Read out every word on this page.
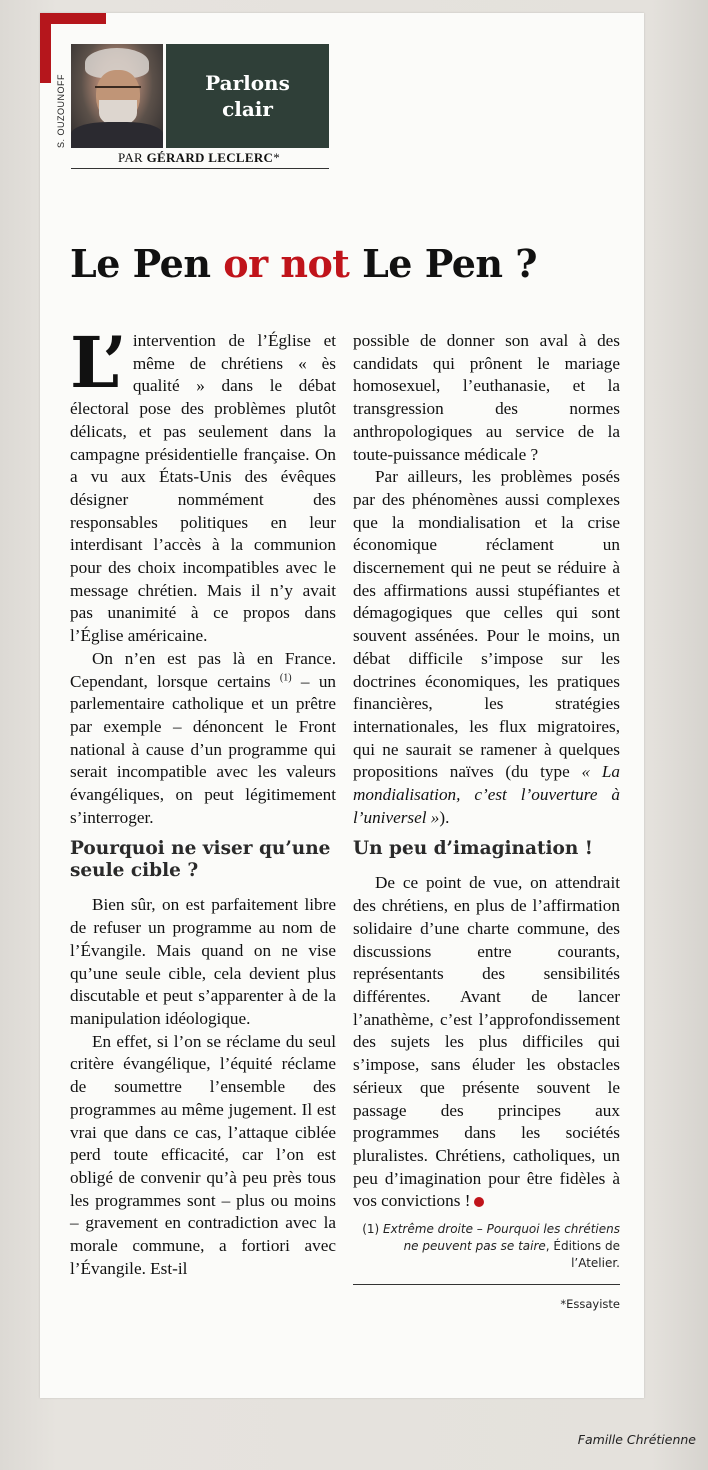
S. OUZOUNOFF	Parlons
clair
PAR GÉRARD LECLERC*
Le Pen or not Le Pen ?

L’ intervention de l’Église et même de chrétiens « ès qualité » dans le débat électoral pose des problèmes plutôt délicats, et pas seulement dans la campagne présidentielle française. On a vu aux États-Unis des évêques désigner nommément des responsables politiques en leur interdisant l’accès à la communion pour des choix incompatibles avec le message chrétien. Mais il n’y avait pas unanimité à ce propos dans l’Église américaine.

On n’en est pas là en France. Cependant, lorsque certains $^{(1)}$ – un parlementaire catholique et un prêtre par exemple – dénoncent le Front national à cause d’un programme qui serait incompatible avec les valeurs évangéliques, on peut légitimement s’interroger.

Pourquoi ne viser qu’une seule cible ?

Bien sûr, on est parfaitement libre de refuser un programme au nom de l’Évangile. Mais quand on ne vise qu’une seule cible, cela devient plus discutable et peut s’apparenter à de la manipulation idéologique.

En effet, si l’on se réclame du seul critère évangélique, l’équité réclame de soumettre l’ensemble des programmes au même jugement. Il est vrai que dans ce cas, l’attaque ciblée perd toute efficacité, car l’on est obligé de convenir qu’à peu près tous les programmes sont – plus ou moins – gravement en contradiction avec la morale commune, a fortiori avec l’Évangile. Est-il

possible de donner son aval à des candidats qui prônent le mariage homosexuel, l’euthanasie, et la transgression des normes anthropologiques au service de la toute-puissance médicale ?

Par ailleurs, les problèmes posés par des phénomènes aussi complexes que la mondialisation et la crise économique réclament un discernement qui ne peut se réduire à des affirmations aussi stupéfiantes et démagogiques que celles qui sont souvent assénées. Pour le moins, un débat difficile s’impose sur les doctrines économiques, les pratiques financières, les stratégies internationales, les flux migratoires, qui ne saurait se ramener à quelques propositions naïves (du type « La mondialisation, c’est l’ouverture à l’universel »).

Un peu d’imagination !

De ce point de vue, on attendrait des chrétiens, en plus de l’affirmation solidaire d’une charte commune, des discussions entre courants, représentants des sensibilités différentes. Avant de lancer l’anathème, c’est l’approfondissement des sujets les plus difficiles qui s’impose, sans éluder les obstacles sérieux que présente souvent le passage des principes aux programmes dans les sociétés pluralistes. Chrétiens, catholiques, un peu d’imagination pour être fidèles à vos convictions !

(1) Extrême droite – Pourquoi les chrétiens ne peuvent pas se taire, Éditions de l’Atelier.
*Essayiste
Famille Chrétienne
